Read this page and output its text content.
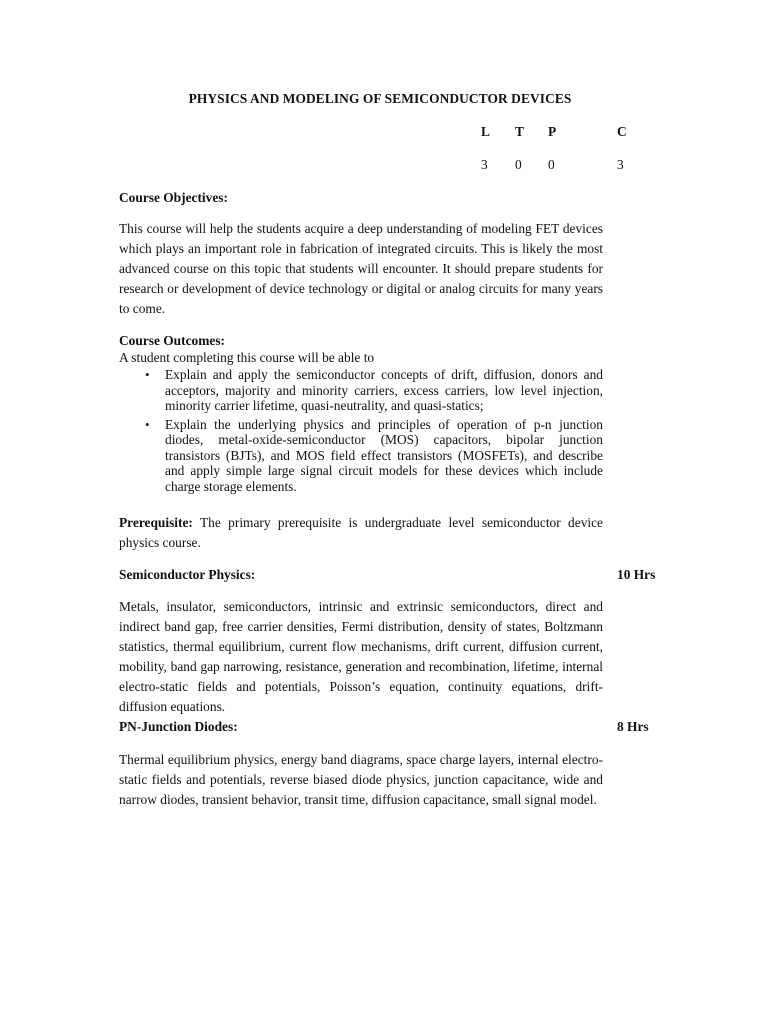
PHYSICS AND MODELING OF SEMICONDUCTOR DEVICES
L T P	C
3 0 0	3
Course Objectives:
This course will help the students acquire a deep understanding of modeling FET devices which plays an important role in fabrication of integrated circuits. This is likely the most advanced course on this topic that students will encounter. It should prepare students for research or development of device technology or digital or analog circuits for many years to come.
Course Outcomes:
A student completing this course will be able to
• Explain and apply the semiconductor concepts of drift, diffusion, donors and acceptors, majority and minority carriers, excess carriers, low level injection, minority carrier lifetime, quasi-neutrality, and quasi-statics;
• Explain the underlying physics and principles of operation of p-n junction diodes, metal-oxide-semiconductor (MOS) capacitors, bipolar junction transistors (BJTs), and MOS field effect transistors (MOSFETs), and describe and apply simple large signal circuit models for these devices which include charge storage elements.
Prerequisite: The primary prerequisite is undergraduate level semiconductor device physics course.
Semiconductor Physics:	10 Hrs
Metals, insulator, semiconductors, intrinsic and extrinsic semiconductors, direct and indirect band gap, free carrier densities, Fermi distribution, density of states, Boltzmann statistics, thermal equilibrium, current flow mechanisms, drift current, diffusion current, mobility, band gap narrowing, resistance, generation and recombination, lifetime, internal electro-static fields and potentials, Poisson’s equation, continuity equations, drift-diffusion equations.
PN-Junction Diodes:	8 Hrs
Thermal equilibrium physics, energy band diagrams, space charge layers, internal electro-static fields and potentials, reverse biased diode physics, junction capacitance, wide and narrow diodes, transient behavior, transit time, diffusion capacitance, small signal model.
